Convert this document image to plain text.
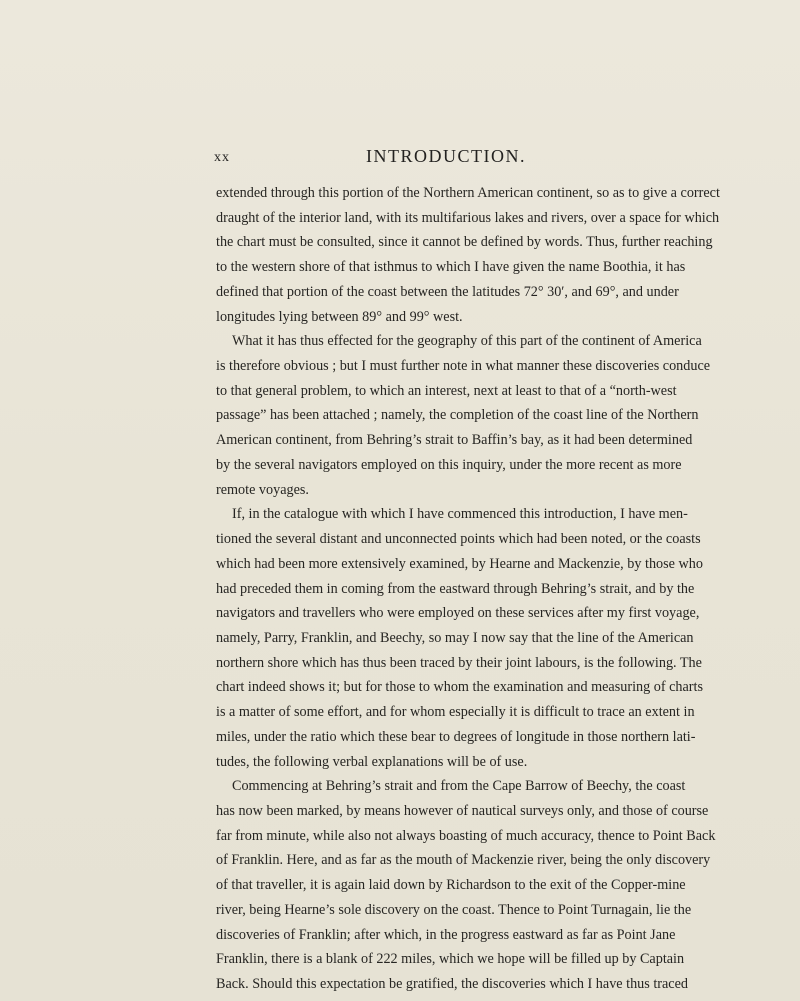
xx	INTRODUCTION.
extended through this portion of the Northern American continent, so as to give a correct
draught of the interior land, with its multifarious lakes and rivers, over a space for which
the chart must be consulted, since it cannot be defined by words. Thus, further reaching
to the western shore of that isthmus to which I have given the name Boothia, it has
defined that portion of the coast between the latitudes 72° 30′, and 69°, and under
longitudes lying between 89° and 99° west.
What it has thus effected for the geography of this part of the continent of America
is therefore obvious ; but I must further note in what manner these discoveries conduce
to that general problem, to which an interest, next at least to that of a “north-west
passage” has been attached ; namely, the completion of the coast line of the Northern
American continent, from Behring’s strait to Baffin’s bay, as it had been determined
by the several navigators employed on this inquiry, under the more recent as more
remote voyages.
If, in the catalogue with which I have commenced this introduction, I have men-
tioned the several distant and unconnected points which had been noted, or the coasts
which had been more extensively examined, by Hearne and Mackenzie, by those who
had preceded them in coming from the eastward through Behring’s strait, and by the
navigators and travellers who were employed on these services after my first voyage,
namely, Parry, Franklin, and Beechy, so may I now say that the line of the American
northern shore which has thus been traced by their joint labours, is the following. The
chart indeed shows it; but for those to whom the examination and measuring of charts
is a matter of some effort, and for whom especially it is difficult to trace an extent in
miles, under the ratio which these bear to degrees of longitude in those northern lati-
tudes, the following verbal explanations will be of use.
Commencing at Behring’s strait and from the Cape Barrow of Beechy, the coast
has now been marked, by means however of nautical surveys only, and those of course
far from minute, while also not always boasting of much accuracy, thence to Point Back
of Franklin. Here, and as far as the mouth of Mackenzie river, being the only discovery
of that traveller, it is again laid down by Richardson to the exit of the Copper-mine
river, being Hearne’s sole discovery on the coast. Thence to Point Turnagain, lie the
discoveries of Franklin; after which, in the progress eastward as far as Point Jane
Franklin, there is a blank of 222 miles, which we hope will be filled up by Captain
Back. Should this expectation be gratified, the discoveries which I have thus traced
